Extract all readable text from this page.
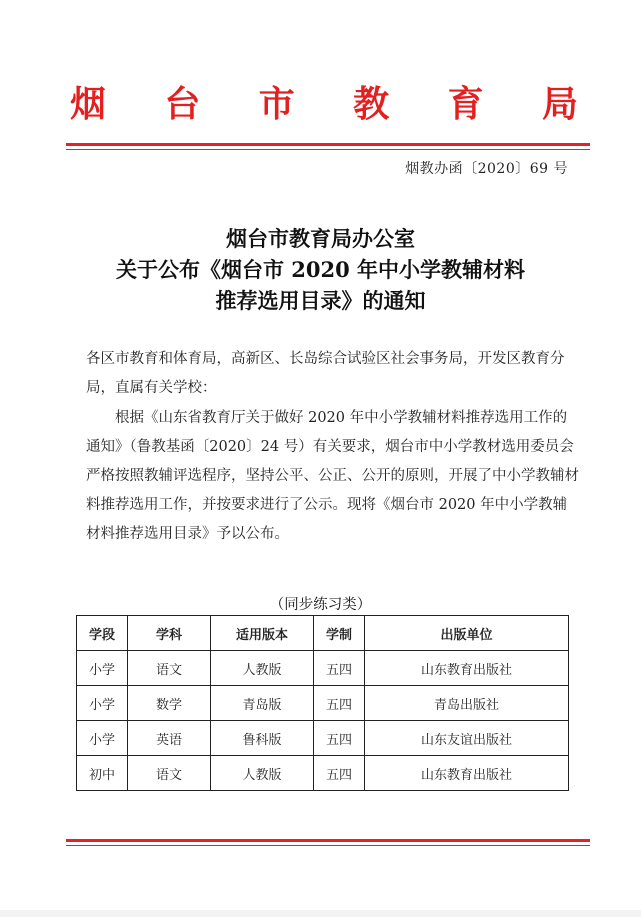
烟 台 市 教 育 局
烟教办函〔2020〕69 号
烟台市教育局办公室
关于公布《烟台市 2020 年中小学教辅材料
推荐选用目录》的通知
各区市教育和体育局，高新区、长岛综合试验区社会事务局，开发区教育分局，直属有关学校：
根据《山东省教育厅关于做好 2020 年中小学教辅材料推荐选用工作的通知》（鲁教基函〔2020〕24 号）有关要求，烟台市中小学教材选用委员会严格按照教辅评选程序，坚持公平、公正、公开的原则，开展了中小学教辅材料推荐选用工作，并按要求进行了公示。现将《烟台市 2020 年中小学教辅材料推荐选用目录》予以公布。
（同步练习类）
学段	学科	适用版本	学制	出版单位
小学	语文	人教版	五四	山东教育出版社
小学	数学	青岛版	五四	青岛出版社
小学	英语	鲁科版	五四	山东友谊出版社
初中	语文	人教版	五四	山东教育出版社
